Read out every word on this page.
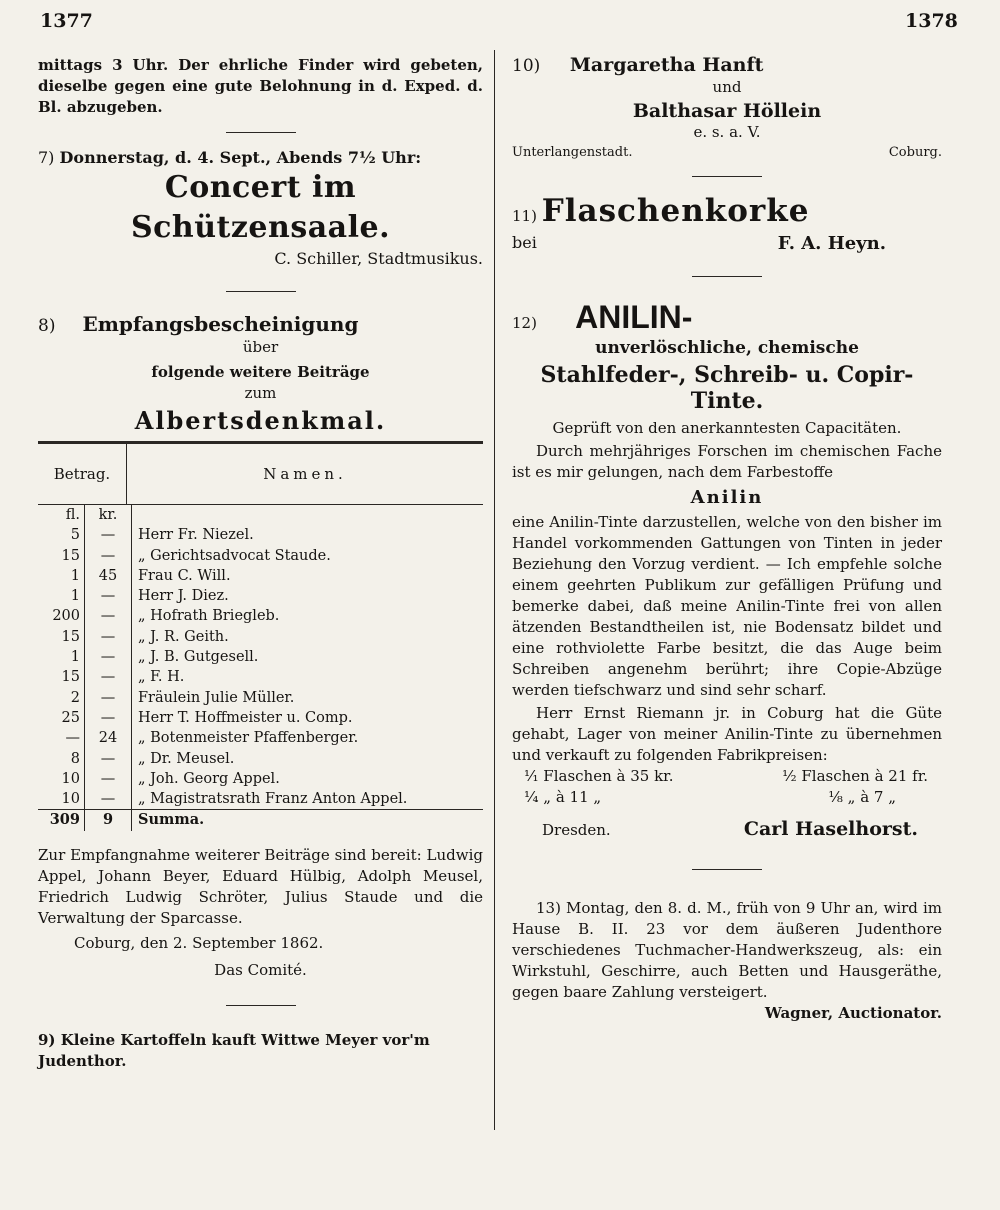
1377	1378

mittags 3 Uhr. Der ehrliche Finder wird gebeten, dieselbe gegen eine gute Belohnung in d. Exped. d. Bl. abzugeben.

7) Donnerstag, d. 4. Sept., Abends 7½ Uhr:

Concert im Schützensaale.

C. Schiller, Stadtmusikus.

8) Empfangsbescheinigung

über

folgende weitere Beiträge

zum

Albertsdenkmal.

Betrag.	Namen.
fl.	kr.	
5	—	Herr Fr. Niezel.
15	—	„ Gerichtsadvocat Staude.
1	45	Frau C. Will.
1	—	Herr J. Diez.
200	—	„ Hofrath Briegleb.
15	—	„ J. R. Geith.
1	—	„ J. B. Gutgesell.
15	—	„ F. H.
2	—	Fräulein Julie Müller.
25	—	Herr T. Hoffmeister u. Comp.
—	24	„ Botenmeister Pfaffenberger.
8	—	„ Dr. Meusel.
10	—	„ Joh. Georg Appel.
10	—	„ Magistratsrath Franz Anton Appel.
309	9	Summa.

Zur Empfangnahme weiterer Beiträge sind bereit: Ludwig Appel, Johann Beyer, Eduard Hülbig, Adolph Meusel, Friedrich Ludwig Schröter, Julius Staude und die Verwaltung der Sparcasse.

Coburg, den 2. September 1862.

Das Comité.

9) Kleine Kartoffeln kauft Wittwe Meyer vor'm Judenthor.

10) Margaretha Hanft

und

Balthasar Höllein

e. s. a. V.

Unterlangenstadt.	Coburg.

11) Flaschenkorke

bei	F. A. Heyn.

12) ANILIN-

unverlöschliche, chemische

Stahlfeder-, Schreib- u. Copir-Tinte.

Geprüft von den anerkanntesten Capacitäten.

Durch mehrjähriges Forschen im chemischen Fache ist es mir gelungen, nach dem Farbestoffe

Anilin

eine Anilin-Tinte darzustellen, welche von den bisher im Handel vorkommenden Gattungen von Tinten in jeder Beziehung den Vorzug verdient. — Ich empfehle solche einem geehrten Publikum zur gefälligen Prüfung und bemerke dabei, daß meine Anilin-Tinte frei von allen ätzenden Bestandtheilen ist, nie Bodensatz bildet und eine rothviolette Farbe besitzt, die das Auge beim Schreiben angenehm berührt; ihre Copie-Abzüge werden tiefschwarz und sind sehr scharf.

Herr Ernst Riemann jr. in Coburg hat die Güte gehabt, Lager von meiner Anilin-Tinte zu übernehmen und verkauft zu folgenden Fabrikpreisen:

¹⁄₁ Flaschen à 35 kr.	¹⁄₂ Flaschen à 21 fr.
¹⁄₄ „ à 11 „	¹⁄₈ „ à 7 „
Dresden.	Carl Haselhorst.

13) Montag, den 8. d. M., früh von 9 Uhr an, wird im Hause B. II. 23 vor dem äußeren Judenthore verschiedenes Tuchmacher-Handwerkszeug, als: ein Wirkstuhl, Geschirre, auch Betten und Hausgeräthe, gegen baare Zahlung versteigert.

Wagner, Auctionator.
